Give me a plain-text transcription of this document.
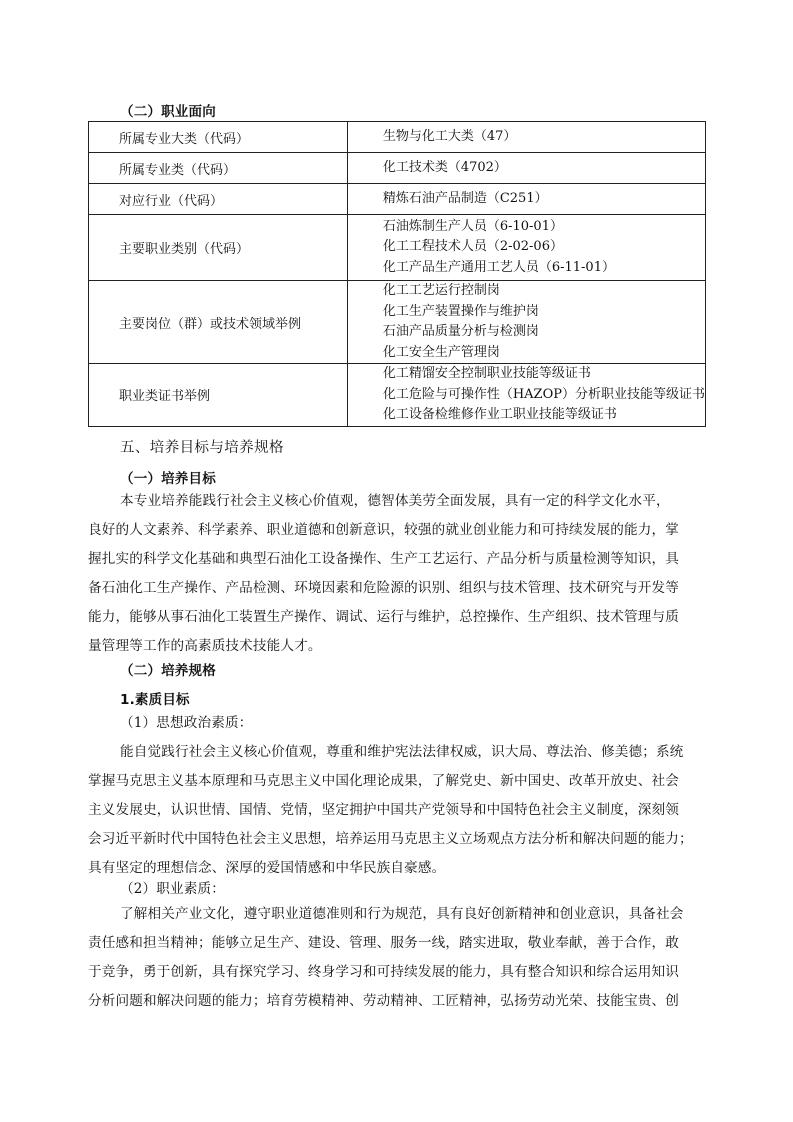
（二）职业面向
所属专业大类（代码）	生物与化工大类（47）

所属专业类（代码）	化工技术类（4702）

对应行业（代码）	精炼石油产品制造（C251）

主要职业类别（代码）	石油炼制生产人员（6-10-01）
化工工程技术人员（2-02-06）
化工产品生产通用工艺人员（6-11-01）

主要岗位（群）或技术领域举例	化工工艺运行控制岗
化工生产装置操作与维护岗
石油产品质量分析与检测岗
化工安全生产管理岗

职业类证书举例	化工精馏安全控制职业技能等级证书
化工危险与可操作性（HAZOP）分析职业技能等级证书
化工设备检维修作业工职业技能等级证书
五、培养目标与培养规格
（一）培养目标
本专业培养能践行社会主义核心价值观，德智体美劳全面发展，具有一定的科学文化水平，
良好的人文素养、科学素养、职业道德和创新意识，较强的就业创业能力和可持续发展的能力，掌
握扎实的科学文化基础和典型石油化工设备操作、生产工艺运行、产品分析与质量检测等知识，具
备石油化工生产操作、产品检测、环境因素和危险源的识别、组织与技术管理、技术研究与开发等
能力，能够从事石油化工装置生产操作、调试、运行与维护，总控操作、生产组织、技术管理与质
量管理等工作的高素质技术技能人才。
（二）培养规格
1.素质目标
（1）思想政治素质：
能自觉践行社会主义核心价值观，尊重和维护宪法法律权威，识大局、尊法治、修美德；系统
掌握马克思主义基本原理和马克思主义中国化理论成果，了解党史、新中国史、改革开放史、社会
主义发展史，认识世情、国情、党情，坚定拥护中国共产党领导和中国特色社会主义制度，深刻领
会习近平新时代中国特色社会主义思想，培养运用马克思主义立场观点方法分析和解决问题的能力；
具有坚定的理想信念、深厚的爱国情感和中华民族自豪感。
（2）职业素质：
了解相关产业文化，遵守职业道德准则和行为规范，具有良好创新精神和创业意识，具备社会
责任感和担当精神；能够立足生产、建设、管理、服务一线，踏实进取，敬业奉献，善于合作，敢
于竞争，勇于创新，具有探究学习、终身学习和可持续发展的能力，具有整合知识和综合运用知识
分析问题和解决问题的能力；培育劳模精神、劳动精神、工匠精神，弘扬劳动光荣、技能宝贵、创
